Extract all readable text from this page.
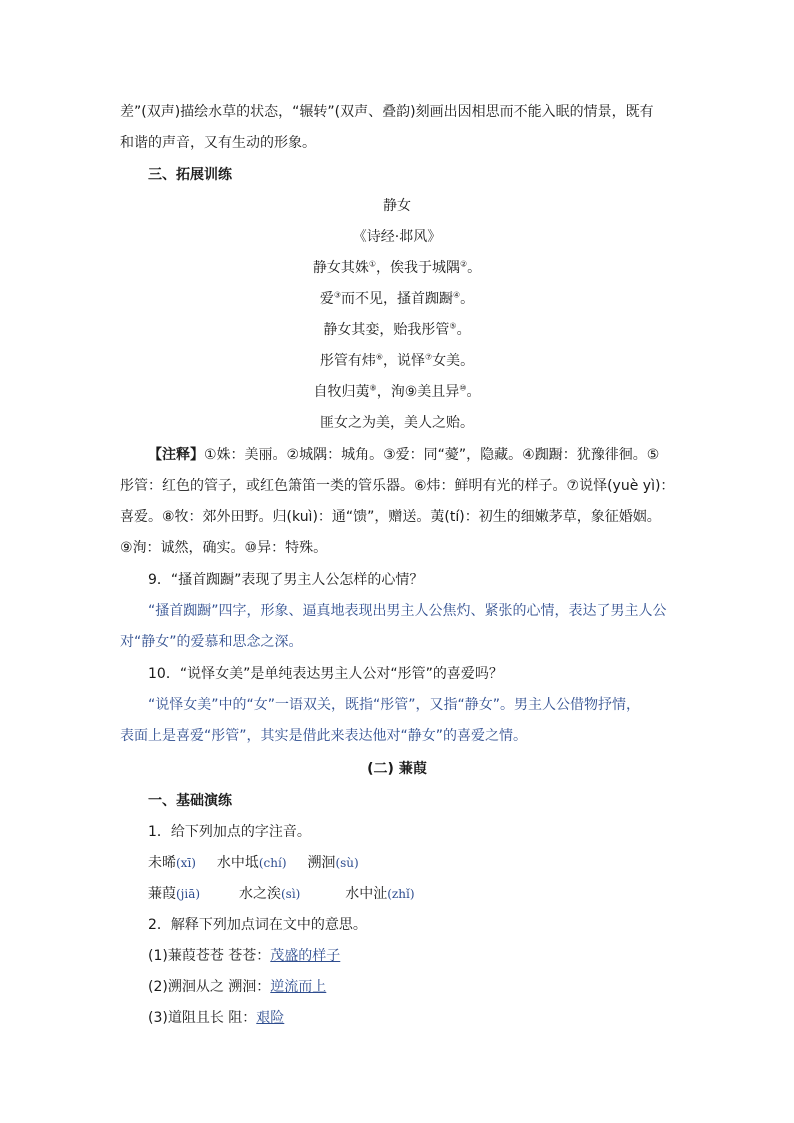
差”(双声)描绘水草的状态，“辗转”(双声、叠韵)刻画出因相思而不能入眠的情景，既有
和谐的声音，又有生动的形象。
三、拓展训练
静女
《诗经·邶风》
静女其姝①，俟我于城隅②。
爱③而不见，搔首踟蹰④。
静女其娈，贻我彤管⑤。
彤管有炜⑥，说怿⑦女美。
自牧归荑⑧，洵⑨美且异⑩。
匪女之为美，美人之贻。
【注释】①姝：美丽。②城隅：城角。③爱：同“薆”，隐藏。④踟蹰：犹豫徘徊。⑤
彤管：红色的管子，或红色箫笛一类的管乐器。⑥炜：鲜明有光的样子。⑦说怿(yuè yì)：
喜爱。⑧牧：郊外田野。归(kuì)：通“馈”，赠送。荑(tí)：初生的细嫩茅草，象征婚姻。
⑨洵：诚然，确实。⑩异：特殊。
9．“搔首踟蹰”表现了男主人公怎样的心情？
“搔首踟蹰”四字，形象、逼真地表现出男主人公焦灼、紧张的心情，表达了男主人公
对“静女”的爱慕和思念之深。
10．“说怿女美”是单纯表达男主人公对“彤管”的喜爱吗？
“说怿女美”中的“女”一语双关，既指“彤管”，又指“静女”。男主人公借物抒情，
表面上是喜爱“彤管”，其实是借此来表达他对“静女”的喜爱之情。
(二) 蒹葭
一、基础演练
1．给下列加点的字注音。
未晞(xī) 水中坻(chí) 溯洄(sù)
蒹葭(jiā)	水之涘(sì)	水中沚(zhǐ)
2．解释下列加点词在文中的意思。
(1)蒹葭苍苍 苍苍：茂盛的样子
(2)溯洄从之 溯洄：逆流而上
(3)道阻且长 阻：艰险
